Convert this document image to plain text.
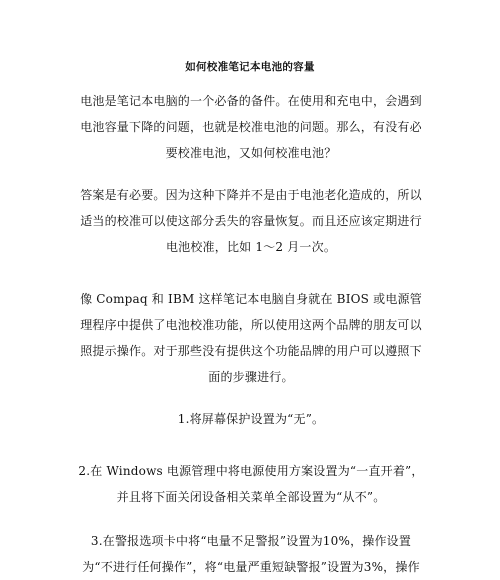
如何校准笔记本电池的容量
电池是笔记本电脑的一个必备的备件。在使用和充电中，会遇到电池容量下降的问题，也就是校准电池的问题。那么，有没有必要校准电池，又如何校准电池？
答案是有必要。因为这种下降并不是由于电池老化造成的，所以适当的校准可以使这部分丢失的容量恢复。而且还应该定期进行电池校准，比如 1～2 月一次。
像 Compaq 和 IBM 这样笔记本电脑自身就在 BIOS 或电源管理程序中提供了电池校准功能，所以使用这两个品牌的朋友可以照提示操作。对于那些没有提供这个功能品牌的用户可以遵照下面的步骤进行。
1.将屏幕保护设置为“无”。
2.在 Windows 电源管理中将电源使用方案设置为“一直开着”，并且将下面关闭设备相关菜单全部设置为“从不”。
3.在警报选项卡中将“电量不足警报”设置为10%，操作设置为“不进行任何操作”，将“电量严重短缺警报”设置为3%，操作
